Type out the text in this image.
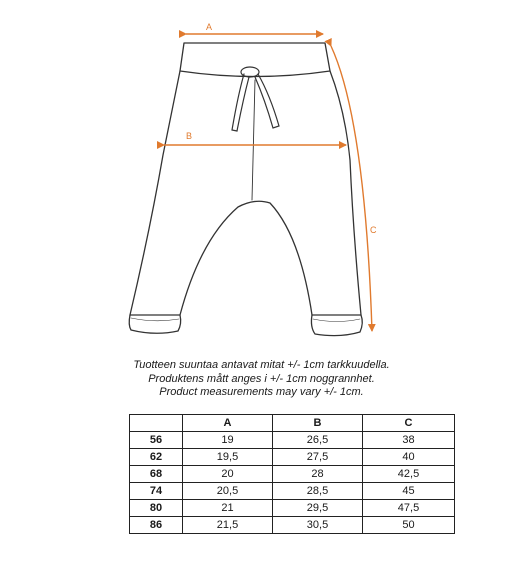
A
B
C
Tuotteen suuntaa antavat mitat +/- 1cm tarkkuudella.
Produktens mått anges i +/- 1cm noggrannhet.
Product measurements may vary +/- 1cm.
	A	B	C
56	19	26,5	38
62	19,5	27,5	40
68	20	28	42,5
74	20,5	28,5	45
80	21	29,5	47,5
86	21,5	30,5	50
